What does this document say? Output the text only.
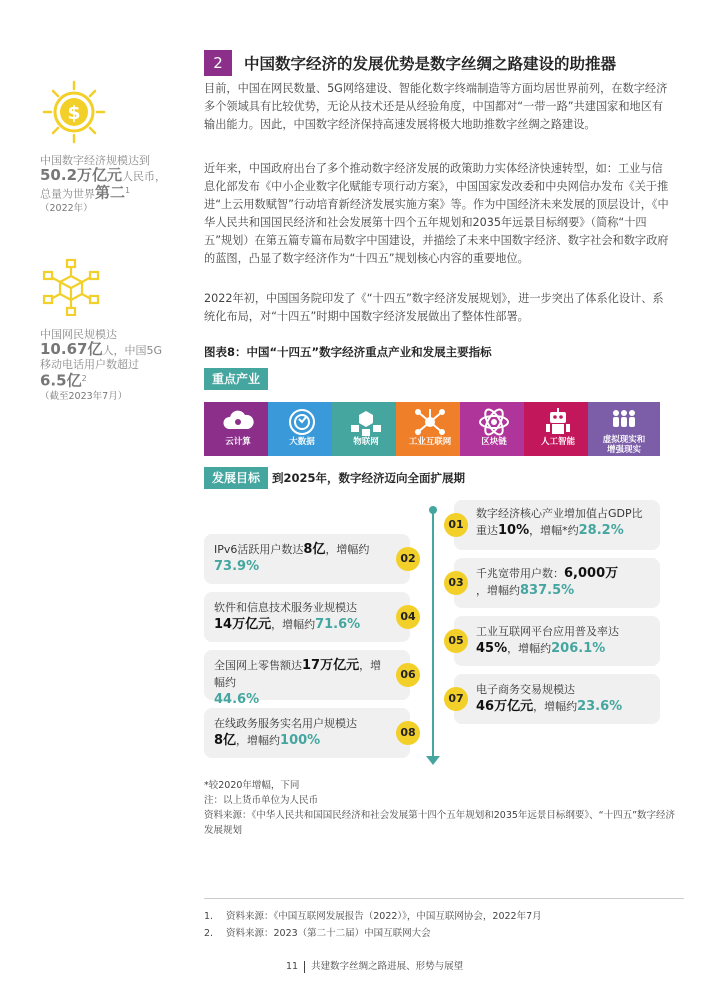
2	中国数字经济的发展优势是数字丝绸之路建设的助推器
目前，中国在网民数量、5G网络建设、智能化数字终端制造等方面均居世界前列，在数字经济多个领域具有比较优势，无论从技术还是从经验角度，中国都对“一带一路”共建国家和地区有输出能力。因此，中国数字经济保持高速发展将极大地助推数字丝绸之路建设。
近年来，中国政府出台了多个推动数字经济发展的政策助力实体经济快速转型，如：工业与信息化部发布《中小企业数字化赋能专项行动方案》，中国国家发改委和中央网信办发布《关于推进“上云用数赋智”行动培育新经济发展实施方案》等。作为中国经济未来发展的顶层设计，《中华人民共和国国民经济和社会发展第十四个五年规划和2035年远景目标纲要》（简称“十四五”规划）在第五篇专篇布局数字中国建设，并描绘了未来中国数字经济、数字社会和数字政府的蓝图，凸显了数字经济作为“十四五”规划核心内容的重要地位。
2022年初，中国国务院印发了《“十四五”数字经济发展规划》，进一步突出了体系化设计、系统化布局，对“十四五”时期中国数字经济发展做出了整体性部署。
$
中国数字经济规模达到
50.2万亿元人民币，
总量为世界第二$^1$
（2022年）
中国网民规模达
10.67亿人，中国5G
移动电话用户数超过
6.5亿$^2$
（截至2023年7月）
图表8：中国“十四五”数字经济重点产业和发展主要指标
重点产业
云计算	大数据	物联网	工业互联网	区块链	人工智能	虚拟现实和
增强现实
发展目标	到2025年，数字经济迈向全面扩展期
数字经济核心产业增加值占GDP比重达10%，增幅*约28.2%
01
千兆宽带用户数：6,000万
，增幅约837.5%
03
工业互联网平台应用普及率达
45%，增幅约206.1%
05
电子商务交易规模达
46万亿元，增幅约23.6%
07
IPv6活跃用户数达8亿，增幅约
73.9%
02
软件和信息技术服务业规模达
14万亿元，增幅约71.6%
04
全国网上零售额达17万亿元，增幅约
44.6%
06
在线政务服务实名用户规模达
8亿，增幅约100%
08
*较2020年增幅，下同
注：以上货币单位为人民币
资料来源：《中华人民共和国国民经济和社会发展第十四个五年规划和2035年远景目标纲要》、“十四五”数字经济发展规划
1. 资料来源：《中国互联网发展报告（2022）》，中国互联网协会，2022年7月
2. 资料来源：2023（第二十二届）中国互联网大会
11 共建数字丝绸之路进展、形势与展望
